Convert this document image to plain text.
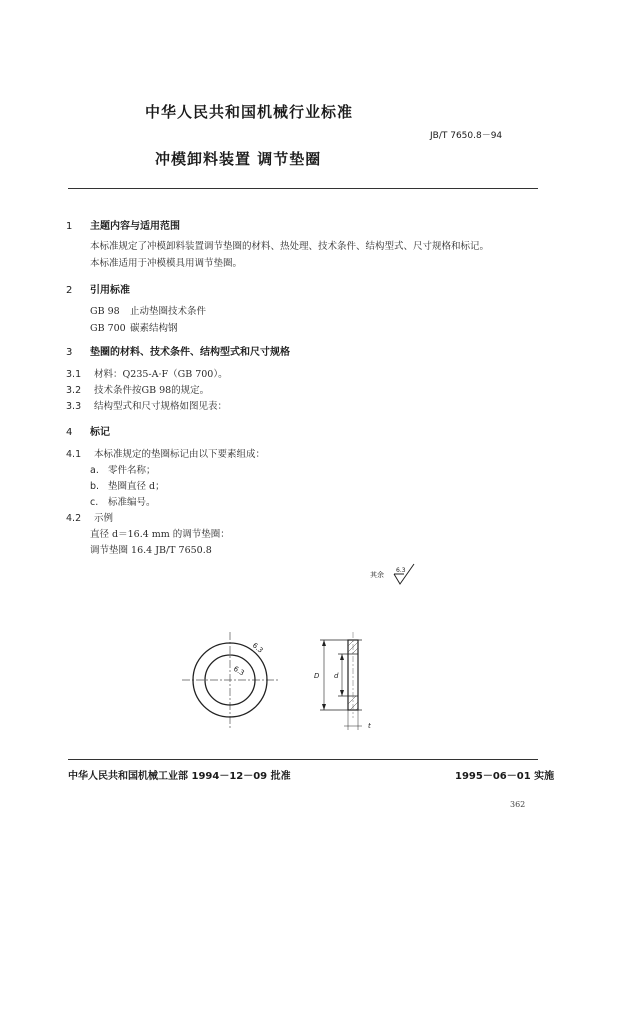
中华人民共和国机械行业标准
JB/T 7650.8－94
冲模卸料装置 调节垫圈
1 主题内容与适用范围
本标准规定了冲模卸料装置调节垫圈的材料、热处理、技术条件、结构型式、尺寸规格和标记。
本标准适用于冲模模具用调节垫圈。
2 引用标准
GB 98 止动垫圈技术条件
GB 700 碳素结构钢
3 垫圈的材料、技术条件、结构型式和尺寸规格
3.1 材料：Q235-A·F（GB 700）。
3.2 技术条件按GB 98的规定。
3.3 结构型式和尺寸规格如图见表：
4 标记
4.1 本标准规定的垫圈标记由以下要素组成：
a. 零件名称；
b. 垫圈直径 d；
c. 标准编号。
4.2 示例
直径 d＝16.4 mm 的调节垫圈：
调节垫圈 16.4 JB/T 7650.8
其余
6.3
6.3
6.3	D d
t
中华人民共和国机械工业部 1994－12－09 批准	1995－06－01 实施
362
